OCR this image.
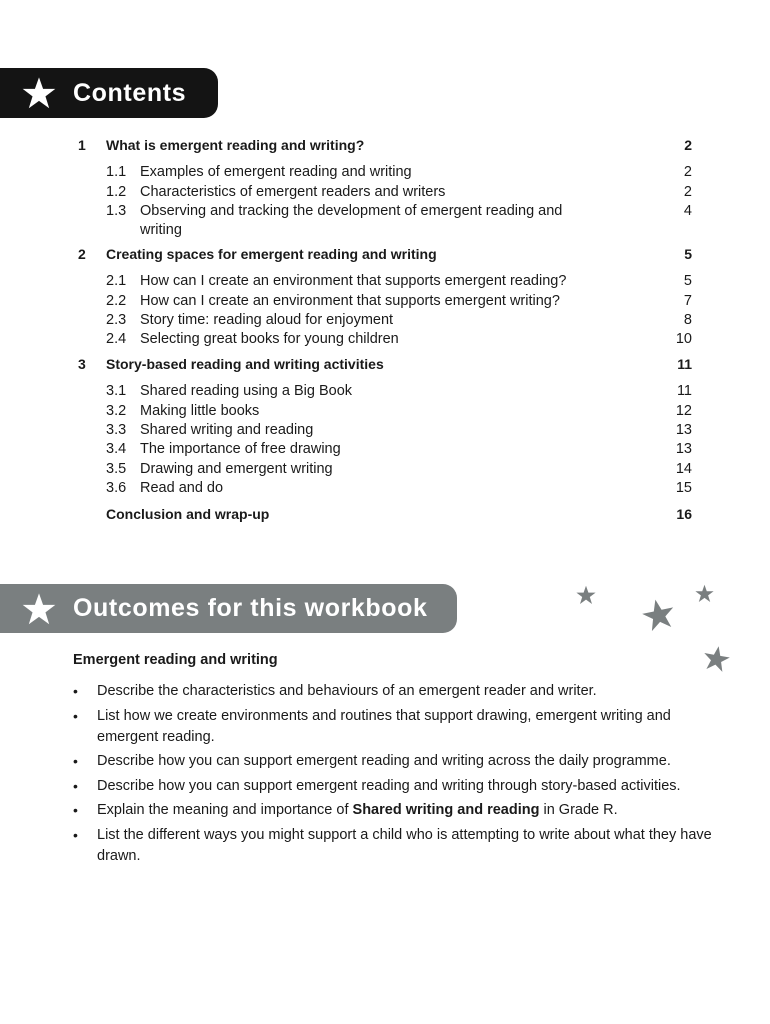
Contents
1 What is emergent reading and writing?	2
1.1 Examples of emergent reading and writing	2
1.2 Characteristics of emergent readers and writers	2
1.3 Observing and tracking the development of emergent reading and	4
writing
2 Creating spaces for emergent reading and writing	5
2.1 How can I create an environment that supports emergent reading?	5
2.2 How can I create an environment that supports emergent writing?	7
2.3 Story time: reading aloud for enjoyment	8
2.4 Selecting great books for young children	10
3 Story-based reading and writing activities	11
3.1 Shared reading using a Big Book	11
3.2 Making little books	12
3.3 Shared writing and reading	13
3.4 The importance of free drawing	13
3.5 Drawing and emergent writing	14
3.6 Read and do	15
Conclusion and wrap-up	16
Outcomes for this workbook
Emergent reading and writing
• Describe the characteristics and behaviours of an emergent reader and writer.
• List how we create environments and routines that support drawing, emergent writing and emergent reading.
• Describe how you can support emergent reading and writing across the daily programme.
• Describe how you can support emergent reading and writing through story-based activities.
• Explain the meaning and importance of Shared writing and reading in Grade R.
• List the different ways you might support a child who is attempting to write about what they have drawn.
